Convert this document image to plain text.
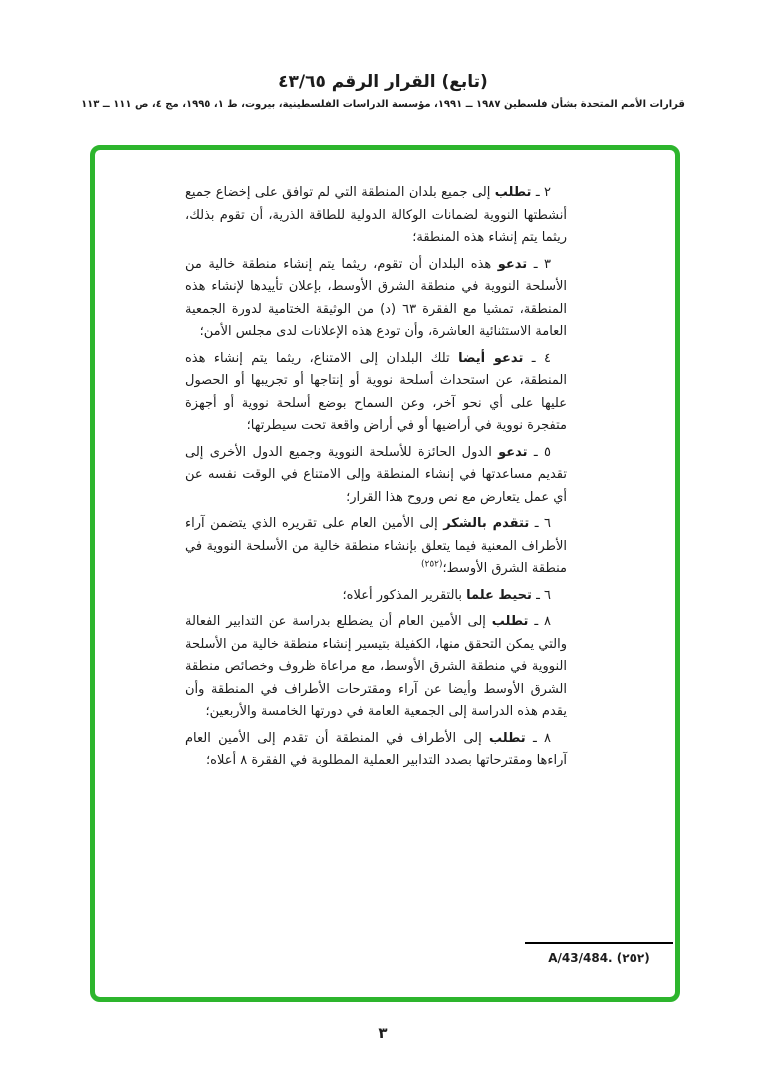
(تابع) القرار الرقم ٤٣/٦٥
قرارات الأمم المتحدة بشأن فلسطين ١٩٨٧ ــ ١٩٩١، مؤسسة الدراسات الفلسطينية، بيروت، ط ١، ١٩٩٥، مج ٤، ص ١١١ ــ ١١٣

٢ ـ تطلب إلى جميع بلدان المنطقة التي لم توافق على إخضاع جميع أنشطتها النووية لضمانات الوكالة الدولية للطاقة الذرية، أن تقوم بذلك، ريثما يتم إنشاء هذه المنطقة؛

٣ ـ تدعو هذه البلدان أن تقوم، ريثما يتم إنشاء منطقة خالية من الأسلحة النووية في منطقة الشرق الأوسط، بإعلان تأييدها لإنشاء هذه المنطقة، تمشيا مع الفقرة ٦٣ (د) من الوثيقة الختامية لدورة الجمعية العامة الاستثنائية العاشرة، وأن تودع هذه الإعلانات لدى مجلس الأمن؛

٤ ـ تدعو أيضا تلك البلدان إلى الامتناع، ريثما يتم إنشاء هذه المنطقة، عن استحداث أسلحة نووية أو إنتاجها أو تجريبها أو الحصول عليها على أي نحو آخر، وعن السماح بوضع أسلحة نووية أو أجهزة متفجرة نووية في أراضيها أو في أراض واقعة تحت سيطرتها؛

٥ ـ تدعو الدول الحائزة للأسلحة النووية وجميع الدول الأخرى إلى تقديم مساعدتها في إنشاء المنطقة وإلى الامتناع في الوقت نفسه عن أي عمل يتعارض مع نص وروح هذا القرار؛

٦ ـ تتقدم بالشكر إلى الأمين العام على تقريره الذي يتضمن آراء الأطراف المعنية فيما يتعلق بإنشاء منطقة خالية من الأسلحة النووية في منطقة الشرق الأوسط؛$^{(٢٥٢)}$

٦ ـ تحيط علما بالتقرير المذكور أعلاه؛

٨ ـ تطلب إلى الأمين العام أن يضطلع بدراسة عن التدابير الفعالة والتي يمكن التحقق منها، الكفيلة بتيسير إنشاء منطقة خالية من الأسلحة النووية في منطقة الشرق الأوسط، مع مراعاة ظروف وخصائص منطقة الشرق الأوسط وأيضا عن آراء ومقترحات الأطراف في المنطقة وأن يقدم هذه الدراسة إلى الجمعية العامة في دورتها الخامسة والأربعين؛

٨ ـ تطلب إلى الأطراف في المنطقة أن تقدم إلى الأمين العام آراءها ومقترحاتها بصدد التدابير العملية المطلوبة في الفقرة ٨ أعلاه؛

A/43/484. (٢٥٢)
٣
